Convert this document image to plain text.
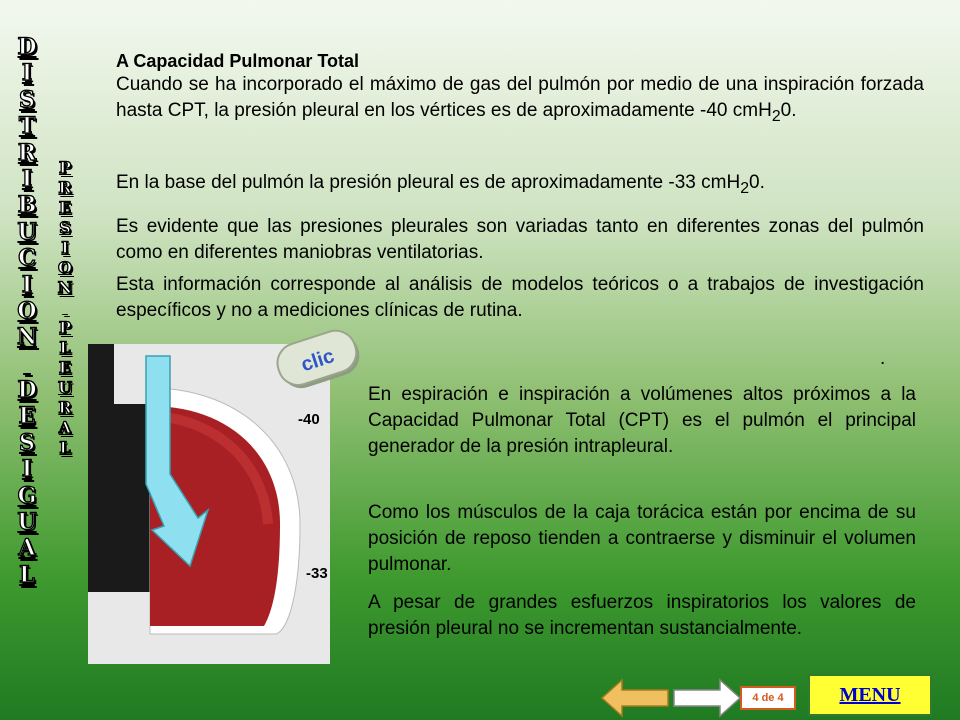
D
I
S
T
R
I
B
U
C
I
O
N

D
E
S
I
G
U
A
L
P
R
E
S
I
O
N

P
L
E
U
R
A
L
A Capacidad Pulmonar Total
Cuando se ha incorporado el máximo de gas del pulmón por medio de una inspiración forzada hasta CPT, la presión pleural en los vértices es de aproximadamente -40 cmH$_2$0.
En la base del pulmón la presión pleural es de aproximadamente -33 cmH$_2$0.
Es evidente que las presiones pleurales son variadas tanto en diferentes zonas del pulmón como en diferentes maniobras ventilatorias.
Esta información corresponde al análisis de modelos teóricos o a trabajos de investigación específicos y no a mediciones clínicas de rutina.
.
En espiración e inspiración a volúmenes altos próximos a la Capacidad Pulmonar Total (CPT) es el pulmón el principal generador de la presión intrapleural.
Como los músculos de la caja torácica están por encima de su posición de reposo tienden a contraerse y disminuir el volumen pulmonar.
A pesar de grandes esfuerzos inspiratorios los valores de presión pleural no se incrementan sustancialmente.
-40
-33
clic
4 de 4	MENU
